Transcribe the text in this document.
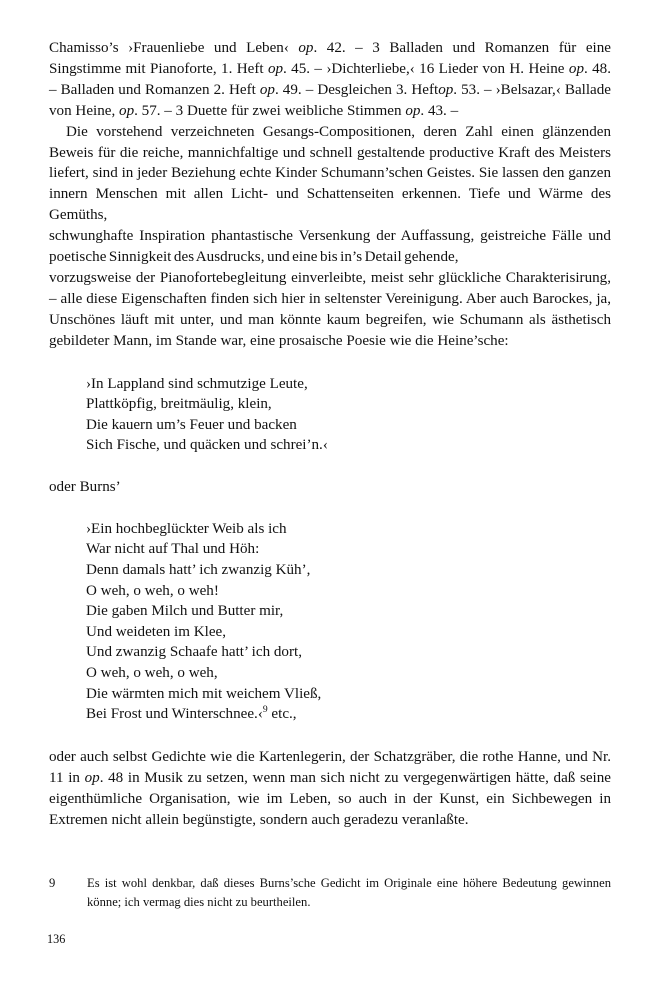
Chamisso’s ›Frauenliebe und Leben‹ op. 42. – 3 Balladen und Romanzen für eine Singstimme mit Pianoforte, 1. Heft op. 45. – ›Dichterliebe,‹ 16 Lieder von H. Heine op. 48. – Balladen und Romanzen 2. Heft op. 49. – Desgleichen 3. Heftop. 53. – ›Belsazar,‹ Ballade von Heine, op. 57. – 3 Duette für zwei weibliche Stimmen op. 43. –

Die vorstehend verzeichneten Gesangs-Compositionen, deren Zahl einen glänzenden Beweis für die reiche, mannichfaltige und schnell gestaltende productive Kraft des Meisters liefert, sind in jeder Beziehung echte Kinder Schumann’schen Geistes. Sie lassen den ganzen innern Menschen mit allen Licht- und Schattenseiten erkennen. Tiefe und Wärme des Gemüths,

schwunghafte Inspiration phantastische Versenkung der Auffassung, geistreiche Fälle und poetische Sinnigkeit des Ausdrucks, und eine bis in’s Detail gehende,

vorzugsweise der Pianofortebegleitung einverleibte, meist sehr glückliche Charakterisirung, – alle diese Eigenschaften finden sich hier in seltenster Vereinigung. Aber auch Barockes, ja, Unschönes läuft mit unter, und man könnte kaum begreifen, wie Schumann als ästhetisch gebildeter Mann, im Stande war, eine prosaische Poesie wie die Heine’sche:

›In Lappland sind schmutzige Leute,
Plattköpfig, breitmäulig, klein,
Die kauern um’s Feuer und backen
Sich Fische, und quäcken und schrei’n.‹

oder Burns’

›Ein hochbeglückter Weib als ich
War nicht auf Thal und Höh:
Denn damals hatt’ ich zwanzig Küh’,
O weh, o weh, o weh!
Die gaben Milch und Butter mir,
Und weideten im Klee,
Und zwanzig Schaafe hatt’ ich dort,
O weh, o weh, o weh,
Die wärmten mich mit weichem Vließ,
Bei Frost und Winterschnee.‹$^9$ etc.,

oder auch selbst Gedichte wie die Kartenlegerin, der Schatzgräber, die rothe Hanne, und Nr. 11 in op. 48 in Musik zu setzen, wenn man sich nicht zu vergegenwärtigen hätte, daß seine eigenthümliche Organisation, wie im Leben, so auch in der Kunst, ein Sichbewegen in Extremen nicht allein begünstigte, sondern auch geradezu veranlaßte.

9	Es ist wohl denkbar, daß dieses Burns’sche Gedicht im Originale eine höhere Bedeutung gewinnen könne; ich vermag dies nicht zu beurtheilen.
136
